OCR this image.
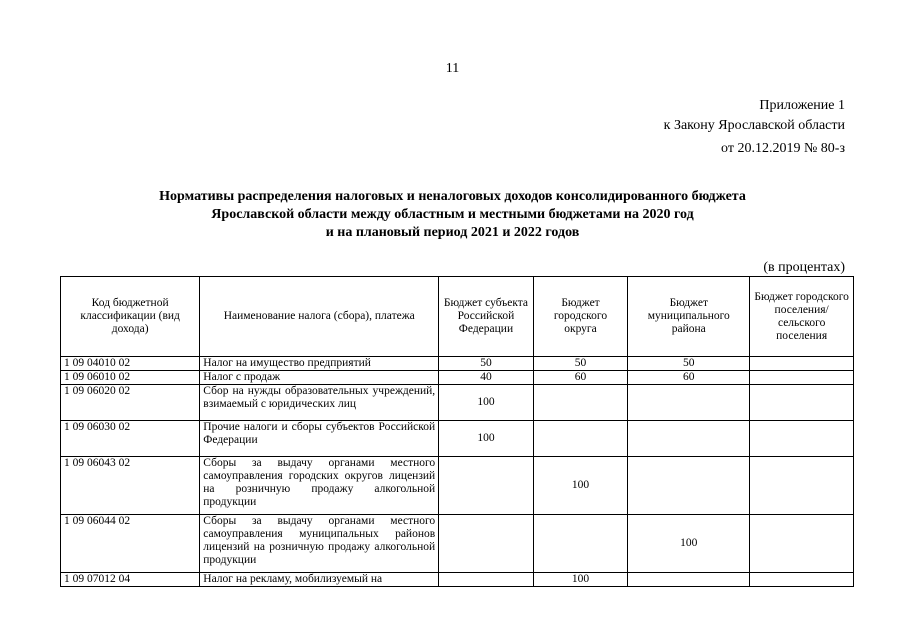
11
Приложение 1
к Закону Ярославской области
от 20.12.2019 № 80-з
Нормативы распределения налоговых и неналоговых доходов консолидированного бюджета
Ярославской области между областным и местными бюджетами на 2020 год
и на плановый период 2021 и 2022 годов
(в процентах)
Код бюджетной классификации (вид дохода)	Наименование налога (сбора), платежа	Бюджет субъекта Российской Федерации	Бюджет городского округа	Бюджет муниципального района	Бюджет городского поселения/ сельского поселения
1 09 04010 02	Налог на имущество предприятий	50	50	50	
1 09 06010 02	Налог с продаж	40	60	60	
1 09 06020 02	Сбор на нужды образовательных учреждений, взимаемый с юридических лиц	100			
1 09 06030 02	Прочие налоги и сборы субъектов Российской Федерации	100			
1 09 06043 02	Сборы за выдачу органами местного самоуправления городских округов лицензий на розничную продажу алкогольной продукции		100		
1 09 06044 02	Сборы за выдачу органами местного самоуправления муниципальных районов лицензий на розничную продажу алкогольной продукции			100	
1 09 07012 04	Налог на рекламу, мобилизуемый на		100		
